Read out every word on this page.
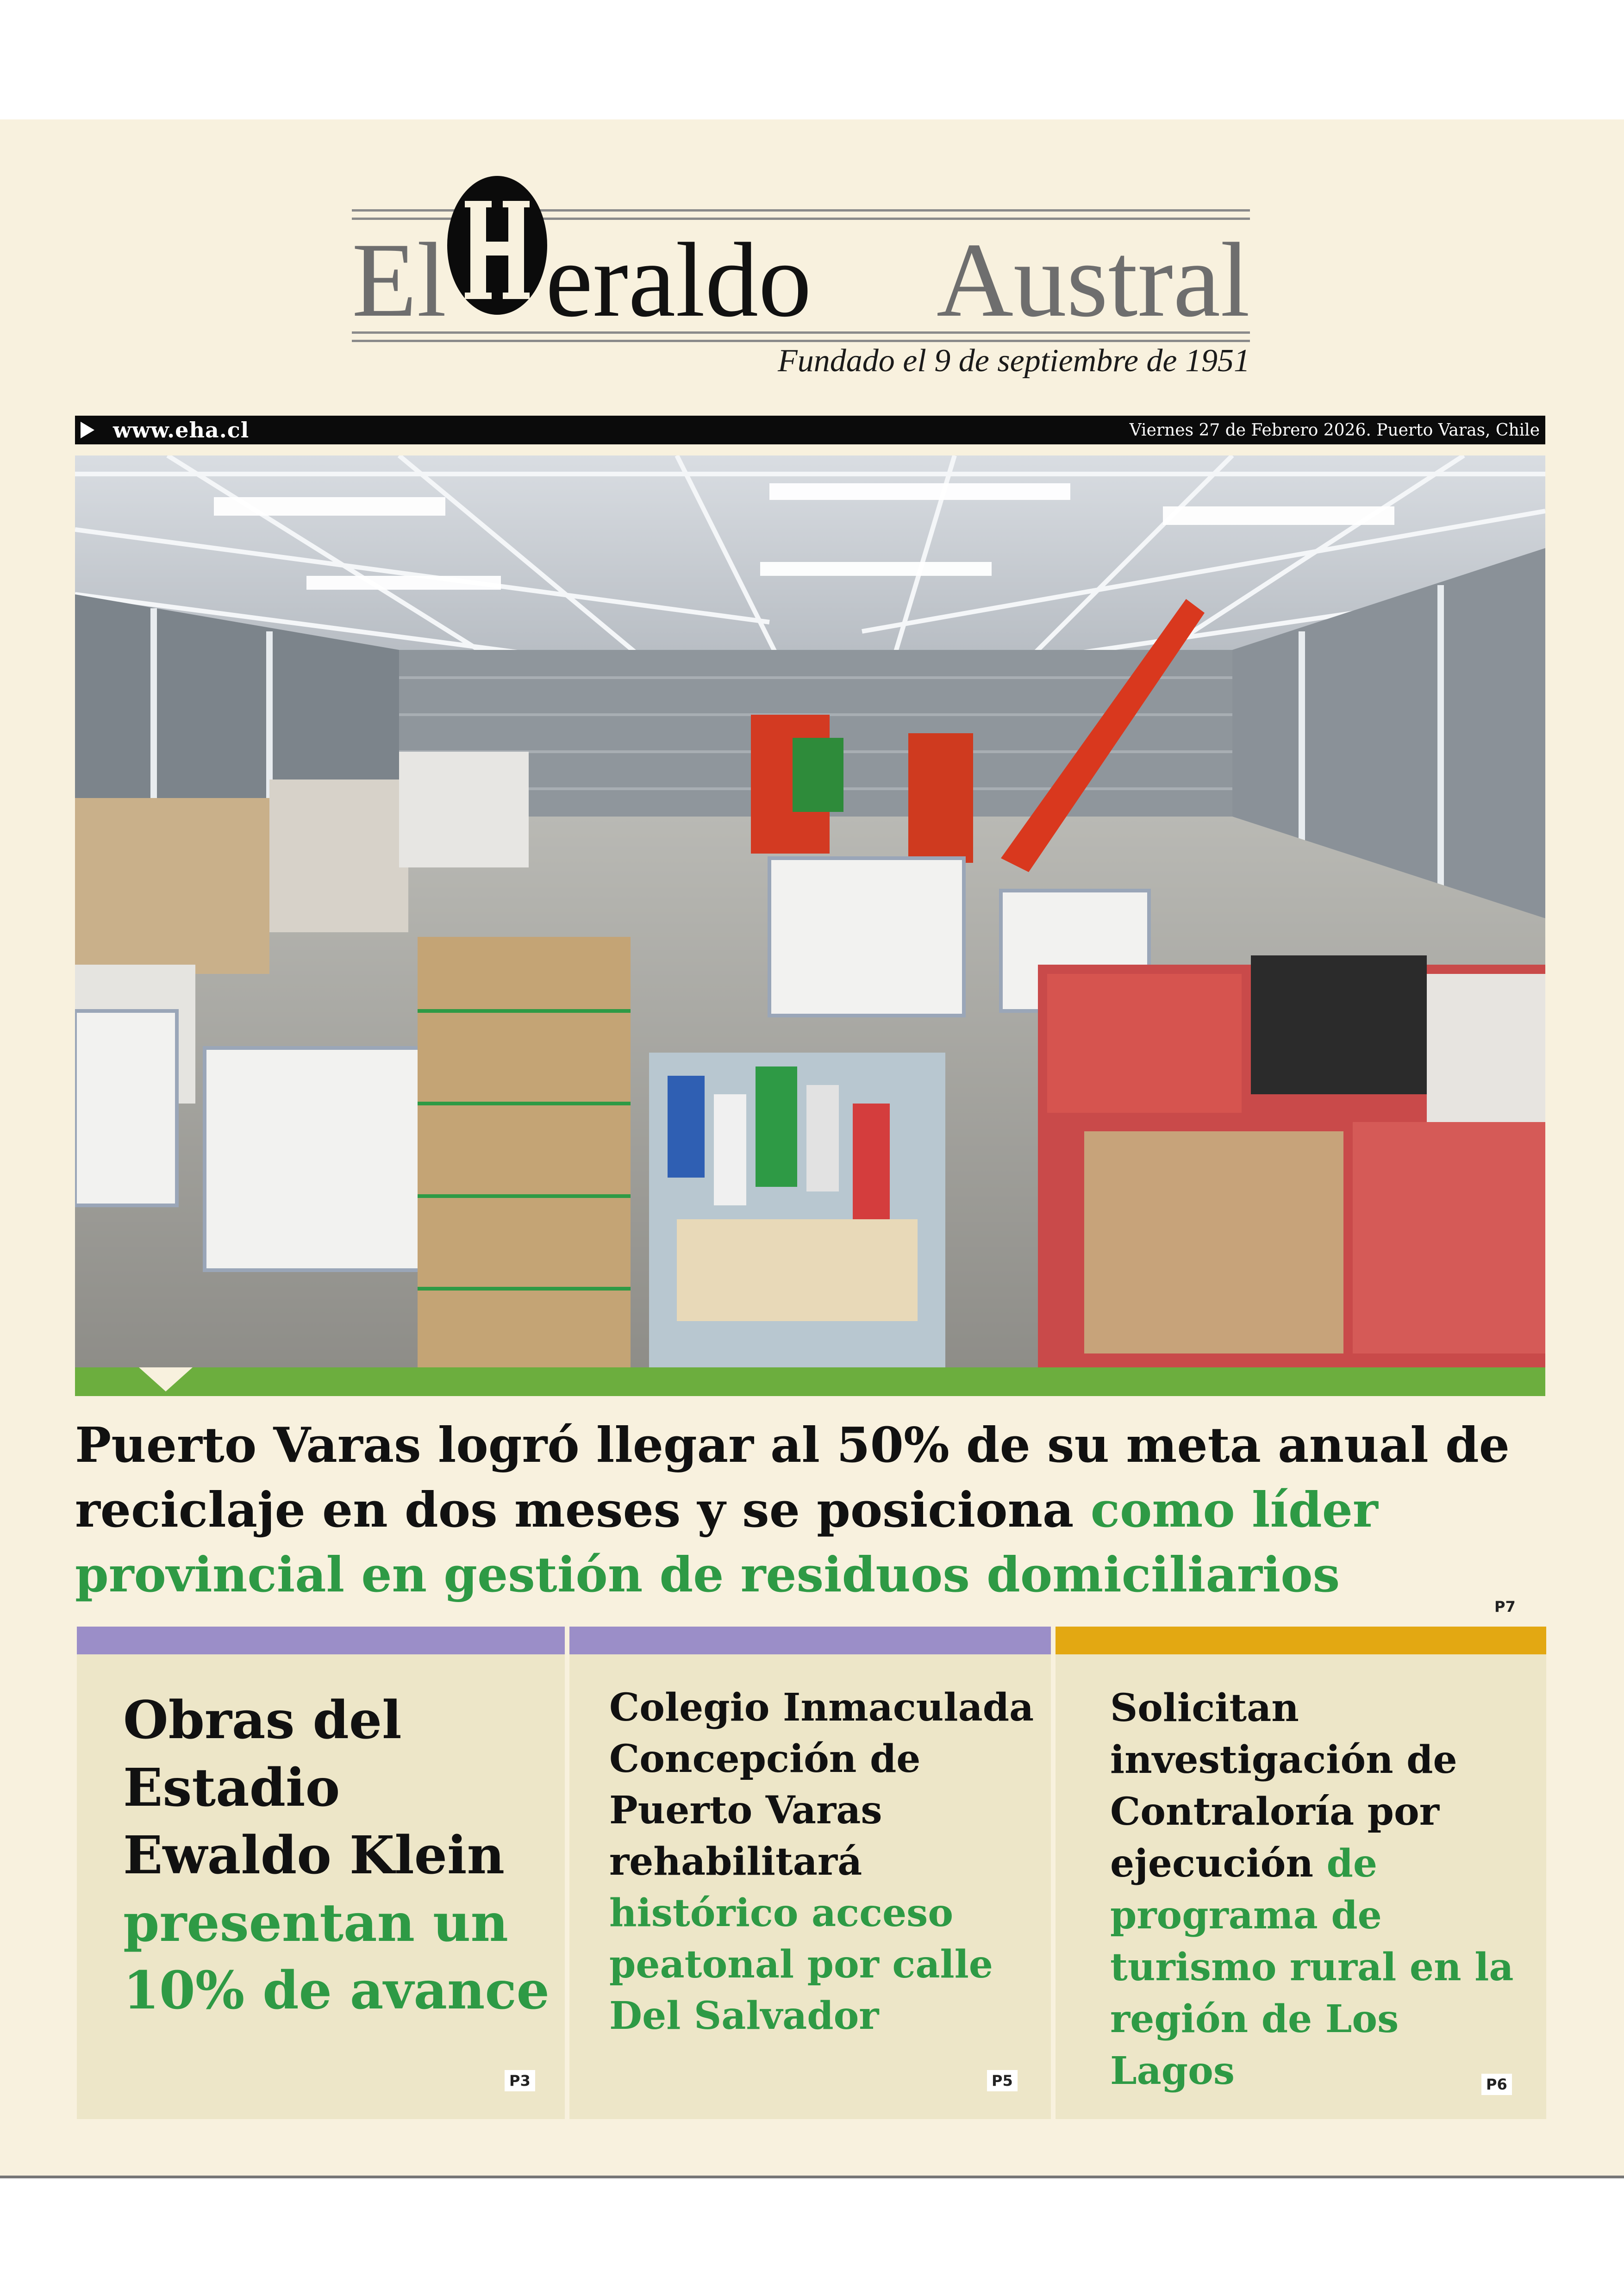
El eraldo Austral
Fundado el 9 de septiembre de 1951
www.eha.cl	Viernes 27 de Febrero 2026. Puerto Varas, Chile
Puerto Varas logró llegar al 50% de su meta anual de reciclaje en dos meses y se posiciona como líder provincial en gestión de residuos domiciliarios
P7
Obras del Estadio Ewaldo Klein presentan un 10% de avance
P3
Colegio Inmaculada Concepción de Puerto Varas rehabilitará histórico acceso peatonal por calle Del Salvador
P5
Solicitan investigación de Contraloría por ejecución de programa de turismo rural en la región de Los Lagos	P6
